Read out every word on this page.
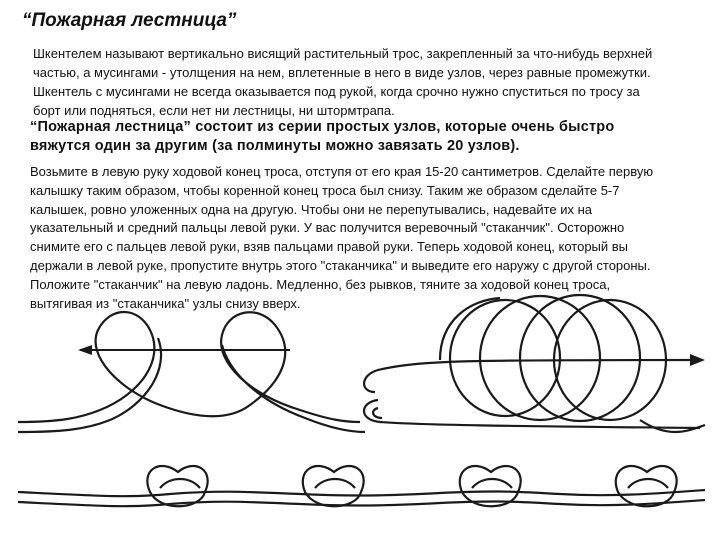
“Пожарная лестница”
Шкентелем называют вертикально висящий растительный трос, закрепленный за что-нибудь верхней
частью, а мусингами - утолщения на нем, вплетенные в него в виде узлов, через равные промежутки.
Шкентель с мусингами не всегда оказывается под рукой, когда срочно нужно спуститься по тросу за
борт или подняться, если нет ни лестницы, ни штормтрапа.
“Пожарная лестница” состоит из серии простых узлов, которые очень быстро
вяжутся один за другим (за полминуты можно завязать 20 узлов).
Возьмите в левую руку ходовой конец троса, отступя от его края 15-20 сантиметров. Сделайте первую
калышку таким образом, чтобы коренной конец троса был снизу. Таким же образом сделайте 5-7
калышек, ровно уложенных одна на другую. Чтобы они не перепутывались, надевайте их на
указательный и средний пальцы левой руки. У вас получится веревочный "стаканчик". Осторожно
снимите его с пальцев левой руки, взяв пальцами правой руки. Теперь ходовой конец, который вы
держали в левой руке, пропустите внутрь этого "стаканчика" и выведите его наружу с другой стороны.
Положите "стаканчик" на левую ладонь. Медленно, без рывков, тяните за ходовой конец троса,
вытягивая из "стаканчика" узлы снизу вверх.
